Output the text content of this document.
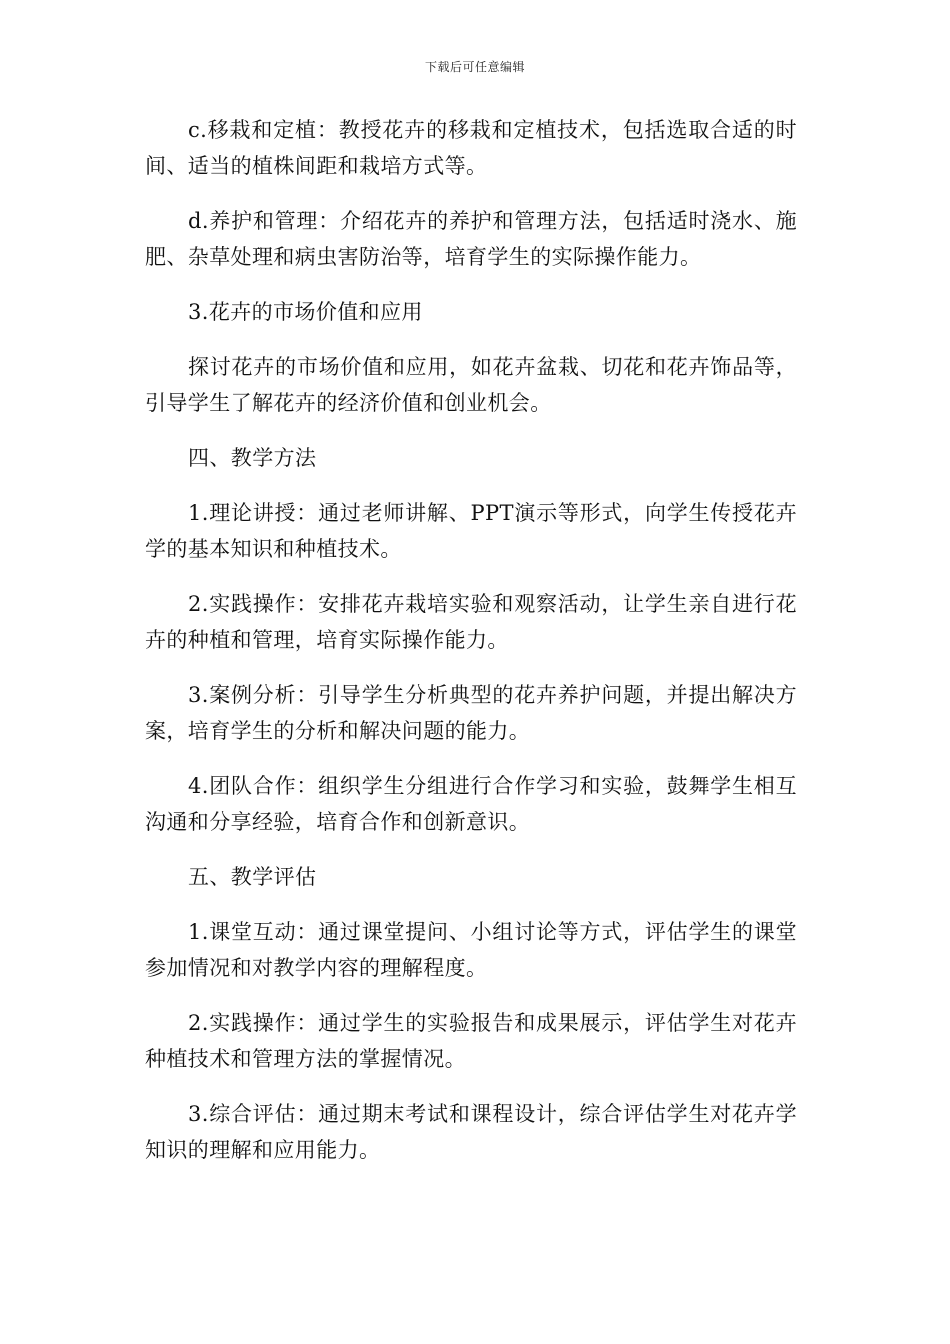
下载后可任意编辑

c.移栽和定植：教授花卉的移栽和定植技术，包括选取合适的时间、适当的植株间距和栽培方式等。

d.养护和管理：介绍花卉的养护和管理方法，包括适时浇水、施肥、杂草处理和病虫害防治等，培育学生的实际操作能力。

3.花卉的市场价值和应用

探讨花卉的市场价值和应用，如花卉盆栽、切花和花卉饰品等，引导学生了解花卉的经济价值和创业机会。

四、教学方法

1.理论讲授：通过老师讲解、PPT演示等形式，向学生传授花卉学的基本知识和种植技术。

2.实践操作：安排花卉栽培实验和观察活动，让学生亲自进行花卉的种植和管理，培育实际操作能力。

3.案例分析：引导学生分析典型的花卉养护问题，并提出解决方案，培育学生的分析和解决问题的能力。

4.团队合作：组织学生分组进行合作学习和实验，鼓舞学生相互沟通和分享经验，培育合作和创新意识。

五、教学评估

1.课堂互动：通过课堂提问、小组讨论等方式，评估学生的课堂参加情况和对教学内容的理解程度。

2.实践操作：通过学生的实验报告和成果展示，评估学生对花卉种植技术和管理方法的掌握情况。

3.综合评估：通过期末考试和课程设计，综合评估学生对花卉学知识的理解和应用能力。
